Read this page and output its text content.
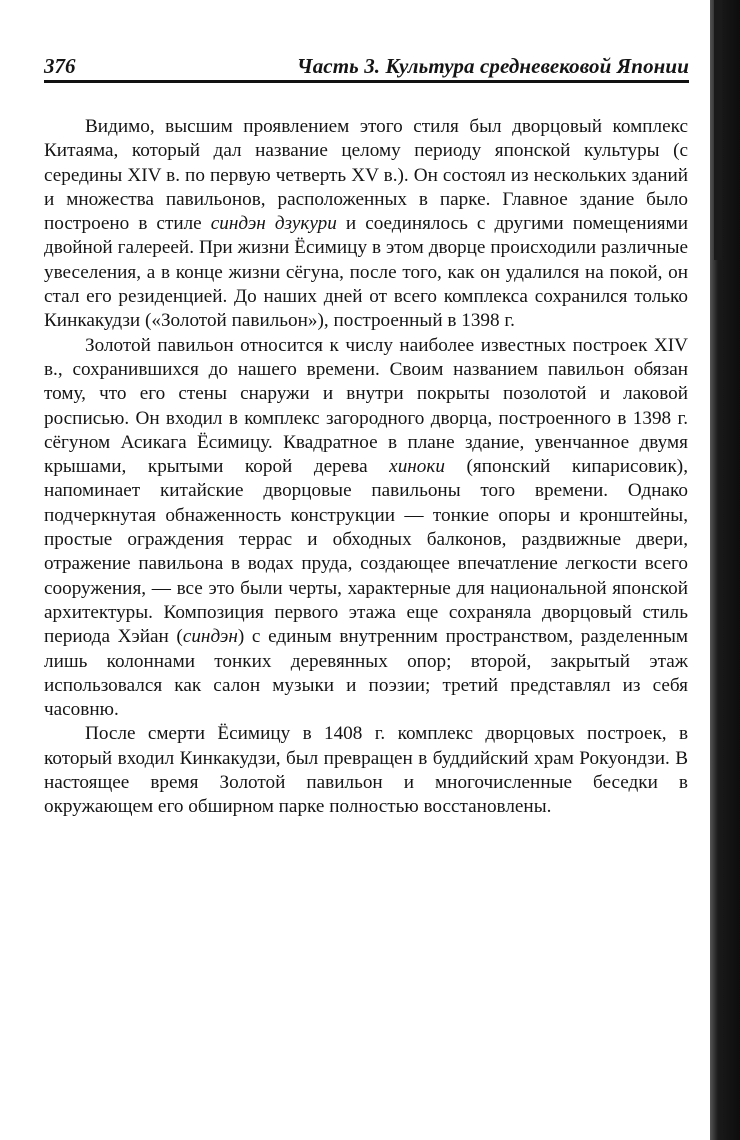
376	Часть 3. Культура средневековой Японии

Видимо, высшим проявлением этого стиля был дворцовый комплекс Китаяма, который дал название целому периоду японской культуры (с середины XIV в. по первую четверть XV в.). Он состоял из нескольких зданий и множества павильонов, расположенных в парке. Главное здание было построено в стиле синдэн дзукури и соединялось с другими помещениями двойной галереей. При жизни Ёсимицу в этом дворце происходили различные увеселения, а в конце жизни сёгуна, после того, как он удалился на покой, он стал его резиденцией. До наших дней от всего комплекса сохранился только Кинкакудзи («Золотой павильон»), построенный в 1398 г.

Золотой павильон относится к числу наиболее известных построек XIV в., сохранившихся до нашего времени. Своим названием павильон обязан тому, что его стены снаружи и внутри покрыты позолотой и лаковой росписью. Он входил в комплекс загородного дворца, построенного в 1398 г. сёгуном Асикага Ёсимицу. Квадратное в плане здание, увенчанное двумя крышами, крытыми корой дерева хиноки (японский кипарисовик), напоминает китайские дворцовые павильоны того времени. Однако подчеркнутая обнаженность конструкции — тонкие опоры и кронштейны, простые ограждения террас и обходных балконов, раздвижные двери, отражение павильона в водах пруда, создающее впечатление легкости всего сооружения, — все это были черты, характерные для национальной японской архитектуры. Композиция первого этажа еще сохраняла дворцовый стиль периода Хэйан (синдэн) с единым внутренним пространством, разделенным лишь колоннами тонких деревянных опор; второй, закрытый этаж использовался как салон музыки и поэзии; третий представлял из себя часовню.

После смерти Ёсимицу в 1408 г. комплекс дворцовых построек, в который входил Кинкакудзи, был превращен в буддийский храм Рокуондзи. В настоящее время Золотой павильон и многочисленные беседки в окружающем его обширном парке полностью восстановлены.
